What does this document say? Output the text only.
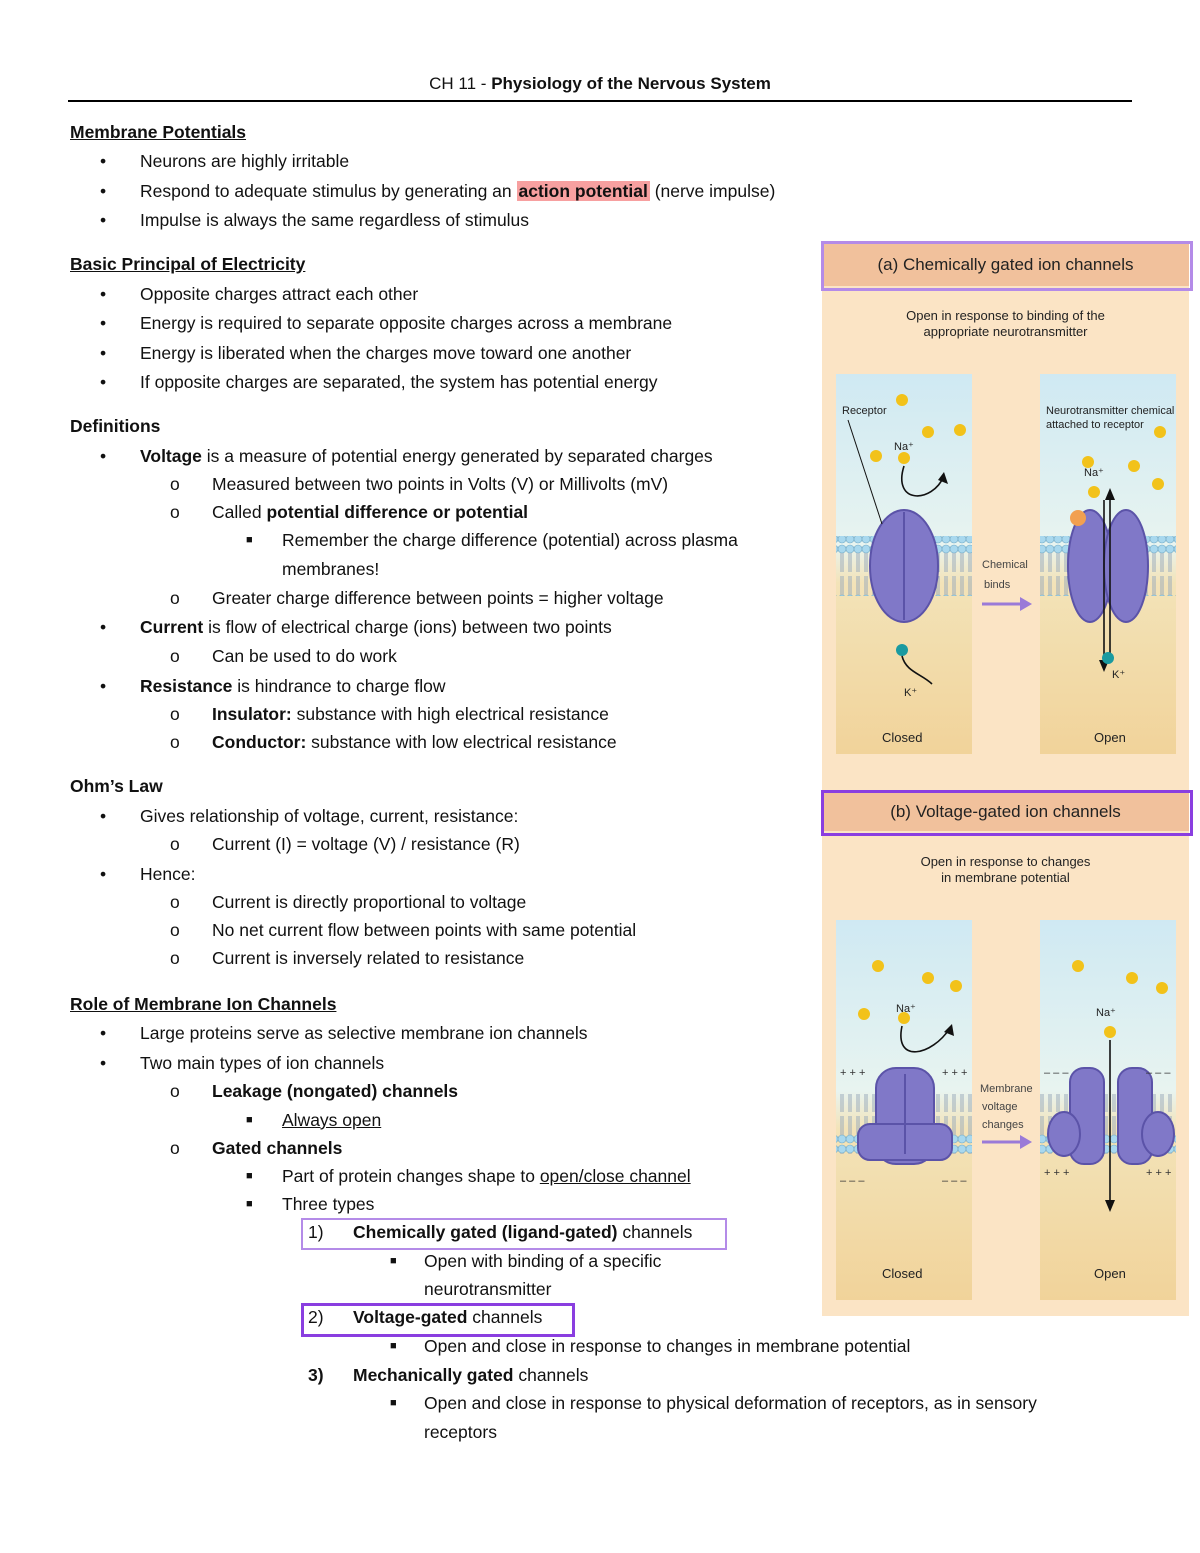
CH 11 - Physiology of the Nervous System
Membrane Potentials
•	Neurons are highly irritable
•	Respond to adequate stimulus by generating an action potential (nerve impulse)
•	Impulse is always the same regardless of stimulus
Basic Principal of Electricity
•	Opposite charges attract each other
•	Energy is required to separate opposite charges across a membrane
•	Energy is liberated when the charges move toward one another
•	If opposite charges are separated, the system has potential energy
Definitions
•	Voltage is a measure of potential energy generated by separated charges
o	Measured between two points in Volts (V) or Millivolts (mV)
o	Called potential difference or potential
■	Remember the charge difference (potential) across plasma
membranes!
o	Greater charge difference between points = higher voltage
•	Current is flow of electrical charge (ions) between two points
o	Can be used to do work
•	Resistance is hindrance to charge flow
o	Insulator: substance with high electrical resistance
o	Conductor: substance with low electrical resistance
Ohm’s Law
•	Gives relationship of voltage, current, resistance:
o	Current (I) = voltage (V) / resistance (R)
•	Hence:
o	Current is directly proportional to voltage
o	No net current flow between points with same potential
o	Current is inversely related to resistance
Role of Membrane Ion Channels
•	Large proteins serve as selective membrane ion channels
•	Two main types of ion channels
o	Leakage (nongated) channels
■	Always open
o	Gated channels
■	Part of protein changes shape to open/close channel
■	Three types
1) Chemically gated (ligand-gated) channels
■	Open with binding of a specific
neurotransmitter
2) Voltage-gated channels
■	Open and close in response to changes in membrane potential
3) Mechanically gated channels
■	Open and close in response to physical deformation of receptors, as in sensory
receptors
(a) Chemically gated ion channels
Open in response to binding of the
appropriate neurotransmitter
(b) Voltage-gated ion channels
Open in response to changes
in membrane potential
Receptor
Na⁺
K⁺
Closed
Chemical
binds
Neurotransmitter chemical
attached to receptor
Na⁺
K⁺
Open
Na⁺
+ + +	+ + +
– – –	– – –
Closed
Membrane
voltage
changes
Na⁺
– – –	– – –
+ + +	+ + +
Open
